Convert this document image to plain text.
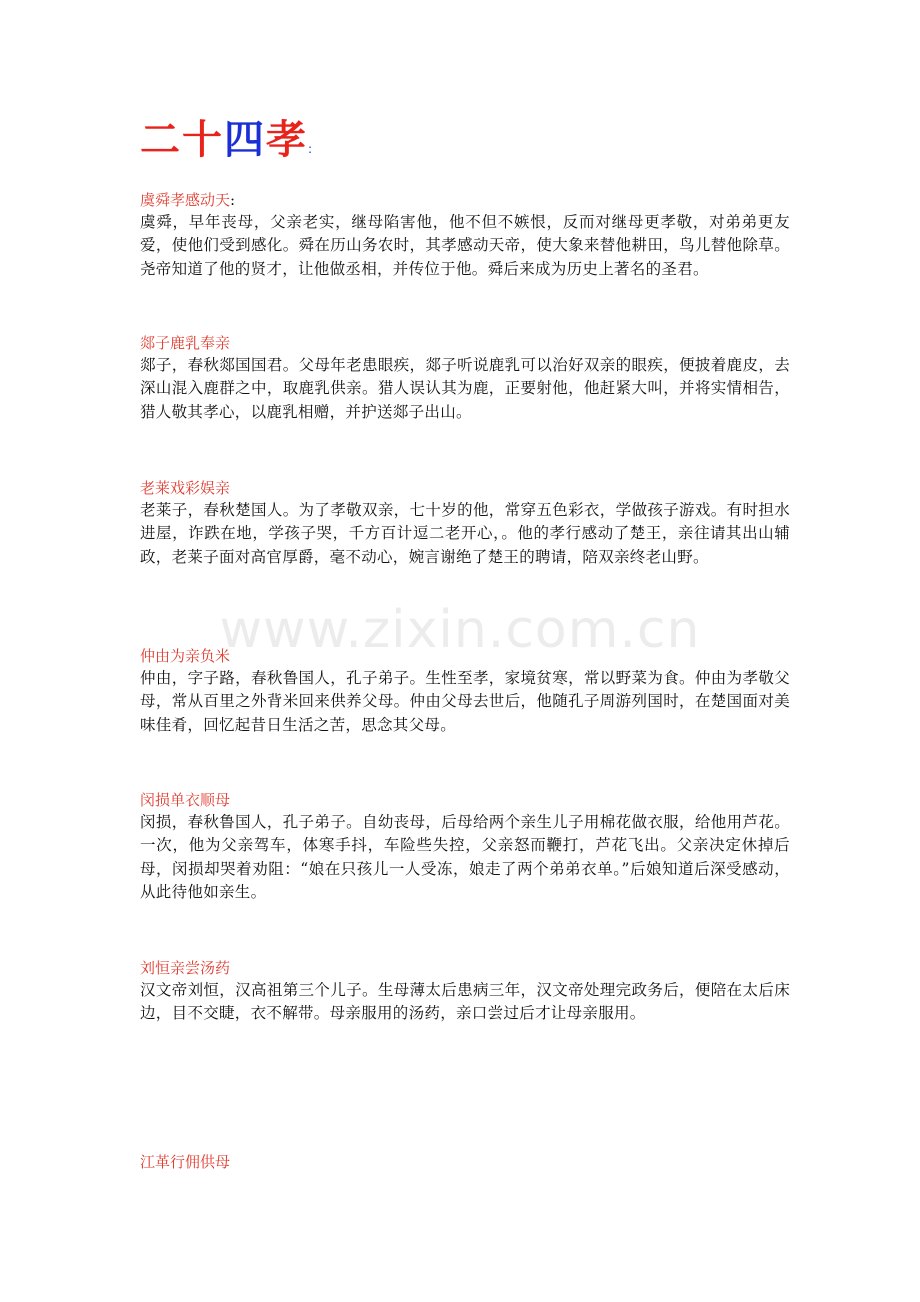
二十四孝:
www.zixin.com.cn
虞舜孝感动天:
虞舜，早年丧母，父亲老实，继母陷害他，他不但不嫉恨，反而对继母更孝敬，对弟弟更友爱，使他们受到感化。舜在历山务农时，其孝感动天帝，使大象来替他耕田，鸟儿替他除草。尧帝知道了他的贤才，让他做丞相，并传位于他。舜后来成为历史上著名的圣君。
郯子鹿乳奉亲
郯子，春秋郯国国君。父母年老患眼疾，郯子听说鹿乳可以治好双亲的眼疾，便披着鹿皮，去深山混入鹿群之中，取鹿乳供亲。猎人误认其为鹿，正要射他，他赶紧大叫，并将实情相告，猎人敬其孝心，以鹿乳相赠，并护送郯子出山。
老莱戏彩娱亲
老莱子，春秋楚国人。为了孝敬双亲，七十岁的他，常穿五色彩衣，学做孩子游戏。有时担水进屋，诈跌在地，学孩子哭，千方百计逗二老开心，。他的孝行感动了楚王，亲往请其出山辅政，老莱子面对高官厚爵，毫不动心，婉言谢绝了楚王的聘请，陪双亲终老山野。
仲由为亲负米
仲由，字子路，春秋鲁国人，孔子弟子。生性至孝，家境贫寒，常以野菜为食。仲由为孝敬父母，常从百里之外背米回来供养父母。仲由父母去世后，他随孔子周游列国时，在楚国面对美味佳肴，回忆起昔日生活之苦，思念其父母。
闵损单衣顺母
闵损，春秋鲁国人，孔子弟子。自幼丧母，后母给两个亲生儿子用棉花做衣服，给他用芦花。一次，他为父亲驾车，体寒手抖，车险些失控，父亲怒而鞭打，芦花飞出。父亲决定休掉后母，闵损却哭着劝阻：“娘在只孩儿一人受冻，娘走了两个弟弟衣单。”后娘知道后深受感动，从此待他如亲生。
刘恒亲尝汤药
汉文帝刘恒，汉高祖第三个儿子。生母薄太后患病三年，汉文帝处理完政务后，便陪在太后床边，目不交睫，衣不解带。母亲服用的汤药，亲口尝过后才让母亲服用。
江革行佣供母
